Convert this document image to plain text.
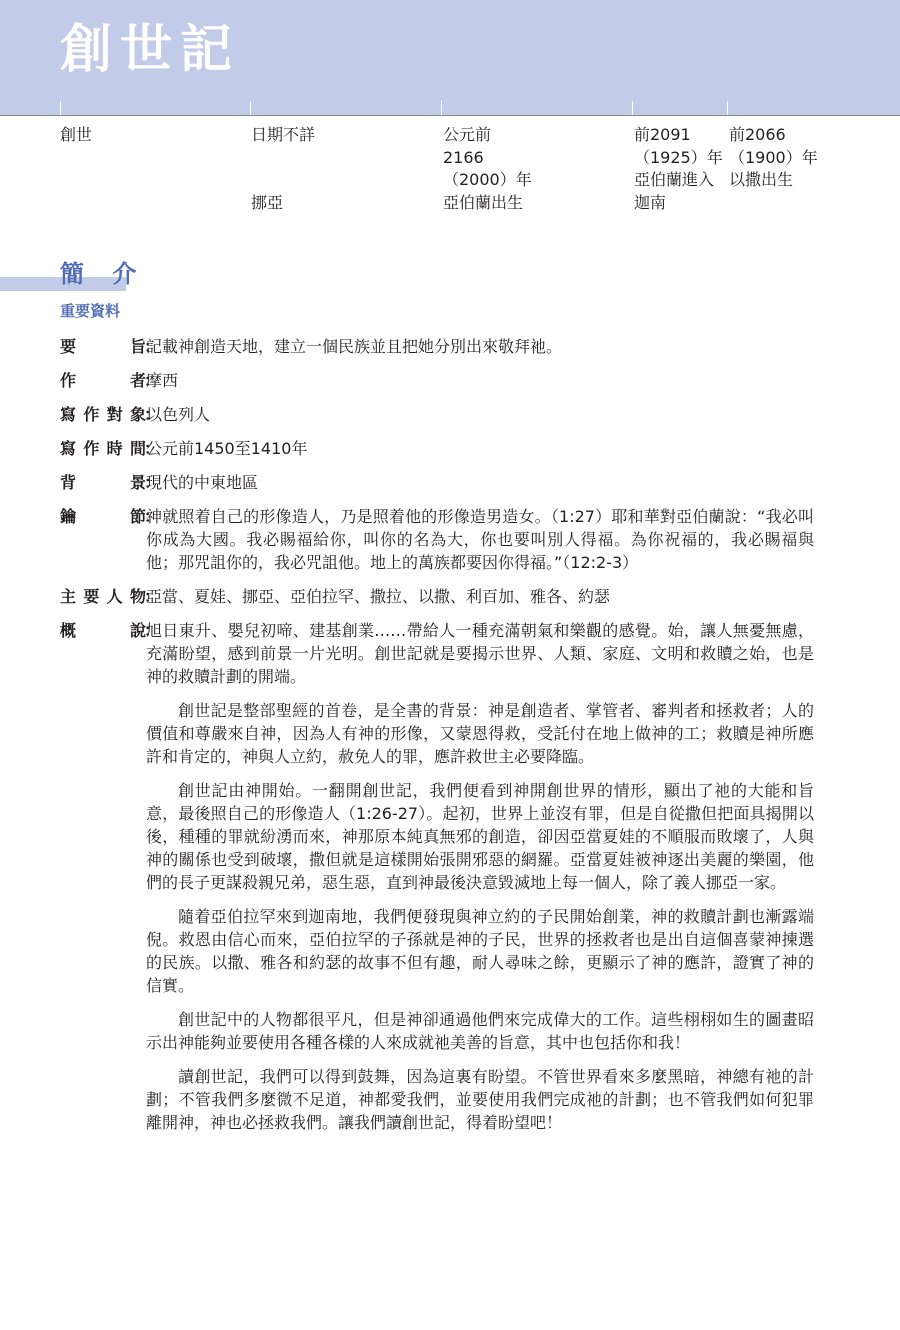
創世記
創世	日期不詳
挪亞
公元前
2166
（2000）年
亞伯蘭出生
前2091
（1925）年
亞伯蘭進入
迦南
前2066
（1900）年
以撒出生
簡 介
重要資料
要旨 記載神創造天地，建立一個民族並且把她分別出來敬拜祂。
作者 摩西
寫作對象 以色列人
寫作時間 公元前1450至1410年
背景 現代的中東地區
鑰節 神就照着自己的形像造人，乃是照着他的形像造男造女。（1:27）耶和華對亞伯蘭說：“我必叫你成為大國。我必賜福給你，叫你的名為大，你也要叫別人得福。為你祝福的，我必賜福與他；那咒詛你的，我必咒詛他。地上的萬族都要因你得福。”（12:2-3）
主要人物 亞當、夏娃、挪亞、亞伯拉罕、撒拉、以撒、利百加、雅各、約瑟
概說 旭日東升、嬰兒初啼、建基創業……帶給人一種充滿朝氣和樂觀的感覺。始，讓人無憂無慮，充滿盼望，感到前景一片光明。創世記就是要揭示世界、人類、家庭、文明和救贖之始，也是神的救贖計劃的開端。

創世記是整部聖經的首卷，是全書的背景：神是創造者、掌管者、審判者和拯救者；人的價值和尊嚴來自神，因為人有神的形像，又蒙恩得救，受託付在地上做神的工；救贖是神所應許和肯定的，神與人立約，赦免人的罪，應許救世主必要降臨。

創世記由神開始。一翻開創世記，我們便看到神開創世界的情形，顯出了祂的大能和旨意，最後照自己的形像造人（1:26-27）。起初，世界上並沒有罪，但是自從撒但把面具揭開以後，種種的罪就紛湧而來，神那原本純真無邪的創造，卻因亞當夏娃的不順服而敗壞了，人與神的關係也受到破壞，撒但就是這樣開始張開邪惡的網羅。亞當夏娃被神逐出美麗的樂園，他們的長子更謀殺親兄弟，惡生惡，直到神最後決意毀滅地上每一個人，除了義人挪亞一家。

隨着亞伯拉罕來到迦南地，我們便發現與神立約的子民開始創業，神的救贖計劃也漸露端倪。救恩由信心而來，亞伯拉罕的子孫就是神的子民，世界的拯救者也是出自這個喜蒙神揀選的民族。以撒、雅各和約瑟的故事不但有趣，耐人尋味之餘，更顯示了神的應許，證實了神的信實。

創世記中的人物都很平凡，但是神卻通過他們來完成偉大的工作。這些栩栩如生的圖畫昭示出神能夠並要使用各種各樣的人來成就祂美善的旨意，其中也包括你和我！

讀創世記，我們可以得到鼓舞，因為這裏有盼望。不管世界看來多麼黑暗，神總有祂的計劃；不管我們多麼微不足道，神都愛我們，並要使用我們完成祂的計劃；也不管我們如何犯罪離開神，神也必拯救我們。讓我們讀創世記，得着盼望吧！
